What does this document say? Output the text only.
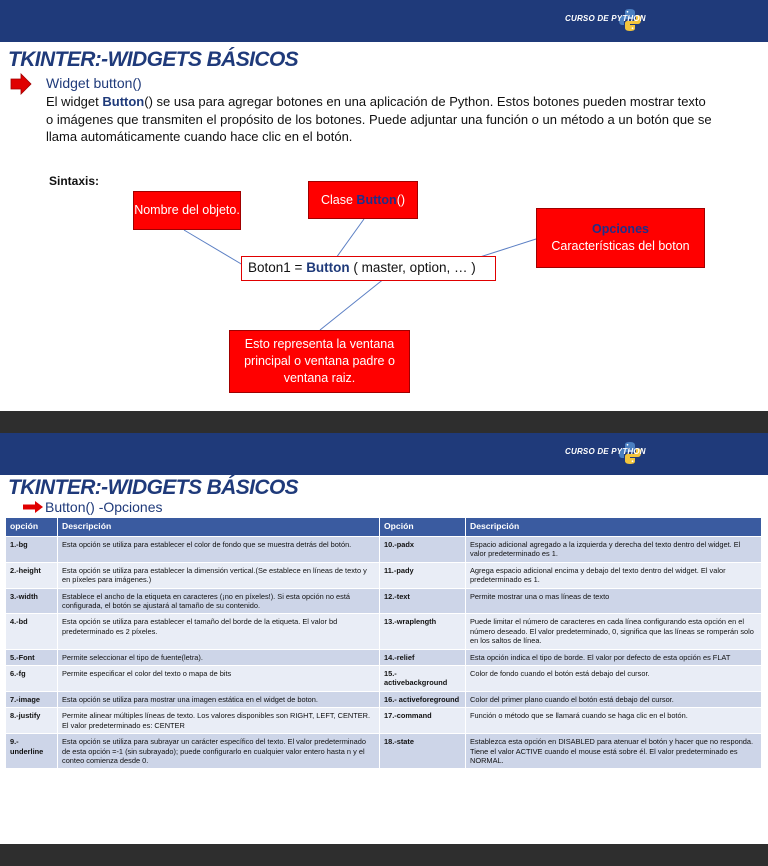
CURSO DE PYTHON
TKINTER:-WIDGETS BÁSICOS
Widget button()
El widget Button() se usa para agregar botones en una aplicación de Python. Estos botones pueden mostrar texto o imágenes que transmiten el propósito de los botones. Puede adjuntar una función o un método a un botón que se llama automáticamente cuando hace clic en el botón.
Sintaxis:
Nombre del objeto.
Clase Button()
Opciones
Características del boton
Esto representa la ventana principal o ventana padre o ventana raiz.
Boton1 = Button ( master, option, … )
CURSO DE PYTHON
TKINTER:-WIDGETS BÁSICOS
Button() -Opciones
opción	Descripción	Opción	Descripción
1.-bg	Esta opción se utiliza para establecer el color de fondo que se muestra detrás del botón.	10.-padx	Espacio adicional agregado a la izquierda y derecha del texto dentro del widget. El valor predeterminado es 1.
2.-height	Esta opción se utiliza para establecer la dimensión vertical.(Se establece en líneas de texto y en píxeles para imágenes.)	11.-pady	Agrega espacio adicional encima y debajo del texto dentro del widget. El valor predeterminado es 1.
3.-width	Establece el ancho de la etiqueta en caracteres (¡no en píxeles!). Si esta opción no está configurada, el botón se ajustará al tamaño de su contenido.	12.-text	Permite mostrar una o mas líneas de texto
4.-bd	Esta opción se utiliza para establecer el tamaño del borde de la etiqueta. El valor bd predeterminado es 2 píxeles.	13.-wraplength	Puede limitar el número de caracteres en cada línea configurando esta opción en el número deseado. El valor predeterminado, 0, significa que las líneas se romperán solo en los saltos de línea.
5.-Font	Permite seleccionar el tipo de fuente(letra).	14.-relief	Esta opción indica el tipo de borde. El valor por defecto de esta opción es FLAT
6.-fg	Permite especificar el color del texto o mapa de bits	15.- activebackground	Color de fondo cuando el botón está debajo del cursor.
7.-image	Esta opción se utiliza para mostrar una imagen estática en el widget de boton.	16.- activeforeground	Color del primer plano cuando el botón está debajo del cursor.
8.-justify	Permite alinear múltiples líneas de texto. Los valores disponibles son RIGHT, LEFT, CENTER. El valor predeterminado es: CENTER	17.-command	Función o método que se llamará cuando se haga clic en el botón.
9.- underline	Esta opción se utiliza para subrayar un carácter específico del texto. El valor predeterminado de esta opción =-1 (sin subrayado); puede configurarlo en cualquier valor entero hasta n y el conteo comienza desde 0.	18.-state	Establezca esta opción en DISABLED para atenuar el botón y hacer que no responda. Tiene el valor ACTIVE cuando el mouse está sobre él. El valor predeterminado es NORMAL.
